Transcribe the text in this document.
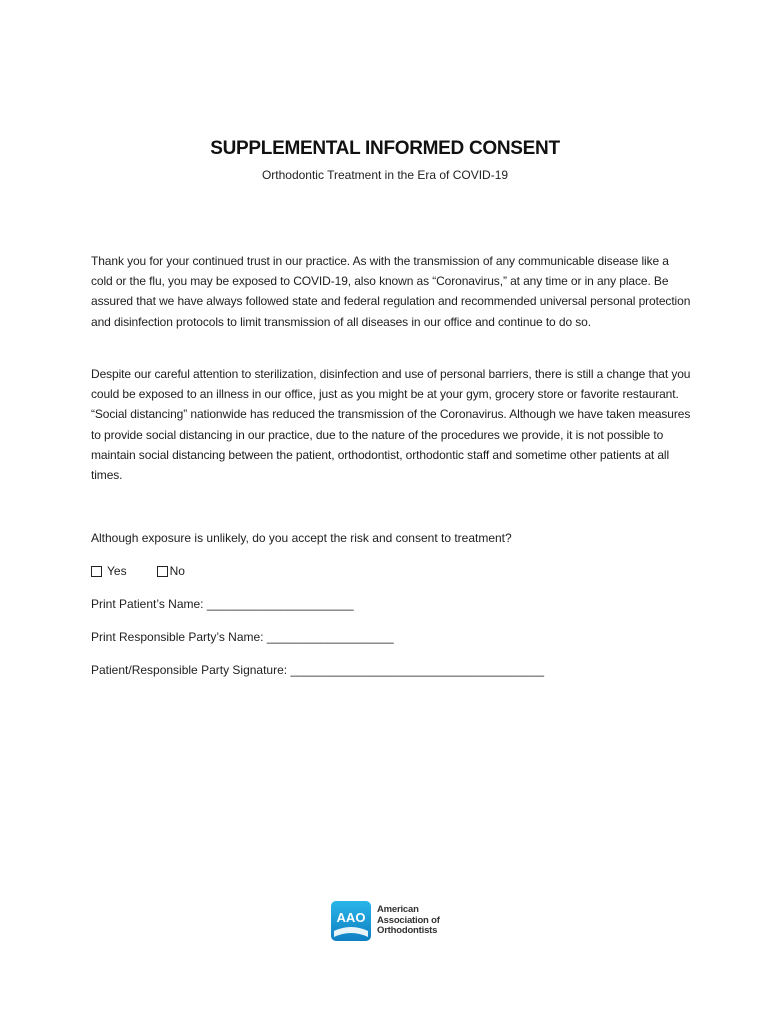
SUPPLEMENTAL INFORMED CONSENT
Orthodontic Treatment in the Era of COVID-19
Thank you for your continued trust in our practice. As with the transmission of any communicable disease like a cold or the flu, you may be exposed to COVID-19, also known as “Coronavirus,” at any time or in any place. Be assured that we have always followed state and federal regulation and recommended universal personal protection and disinfection protocols to limit transmission of all diseases in our office and continue to do so.
Despite our careful attention to sterilization, disinfection and use of personal barriers, there is still a change that you could be exposed to an illness in our office, just as you might be at your gym, grocery store or favorite restaurant. “Social distancing” nationwide has reduced the transmission of the Coronavirus. Although we have taken measures to provide social distancing in our practice, due to the nature of the procedures we provide, it is not possible to maintain social distancing between the patient, orthodontist, orthodontic staff and sometime other patients at all times.
Although exposure is unlikely, do you accept the risk and consent to treatment?
Yes	No
Print Patient’s Name: ______________________
Print Responsible Party’s Name: ___________________
Patient/Responsible Party Signature: ______________________________________
AAO
American
Association of
Orthodontists
